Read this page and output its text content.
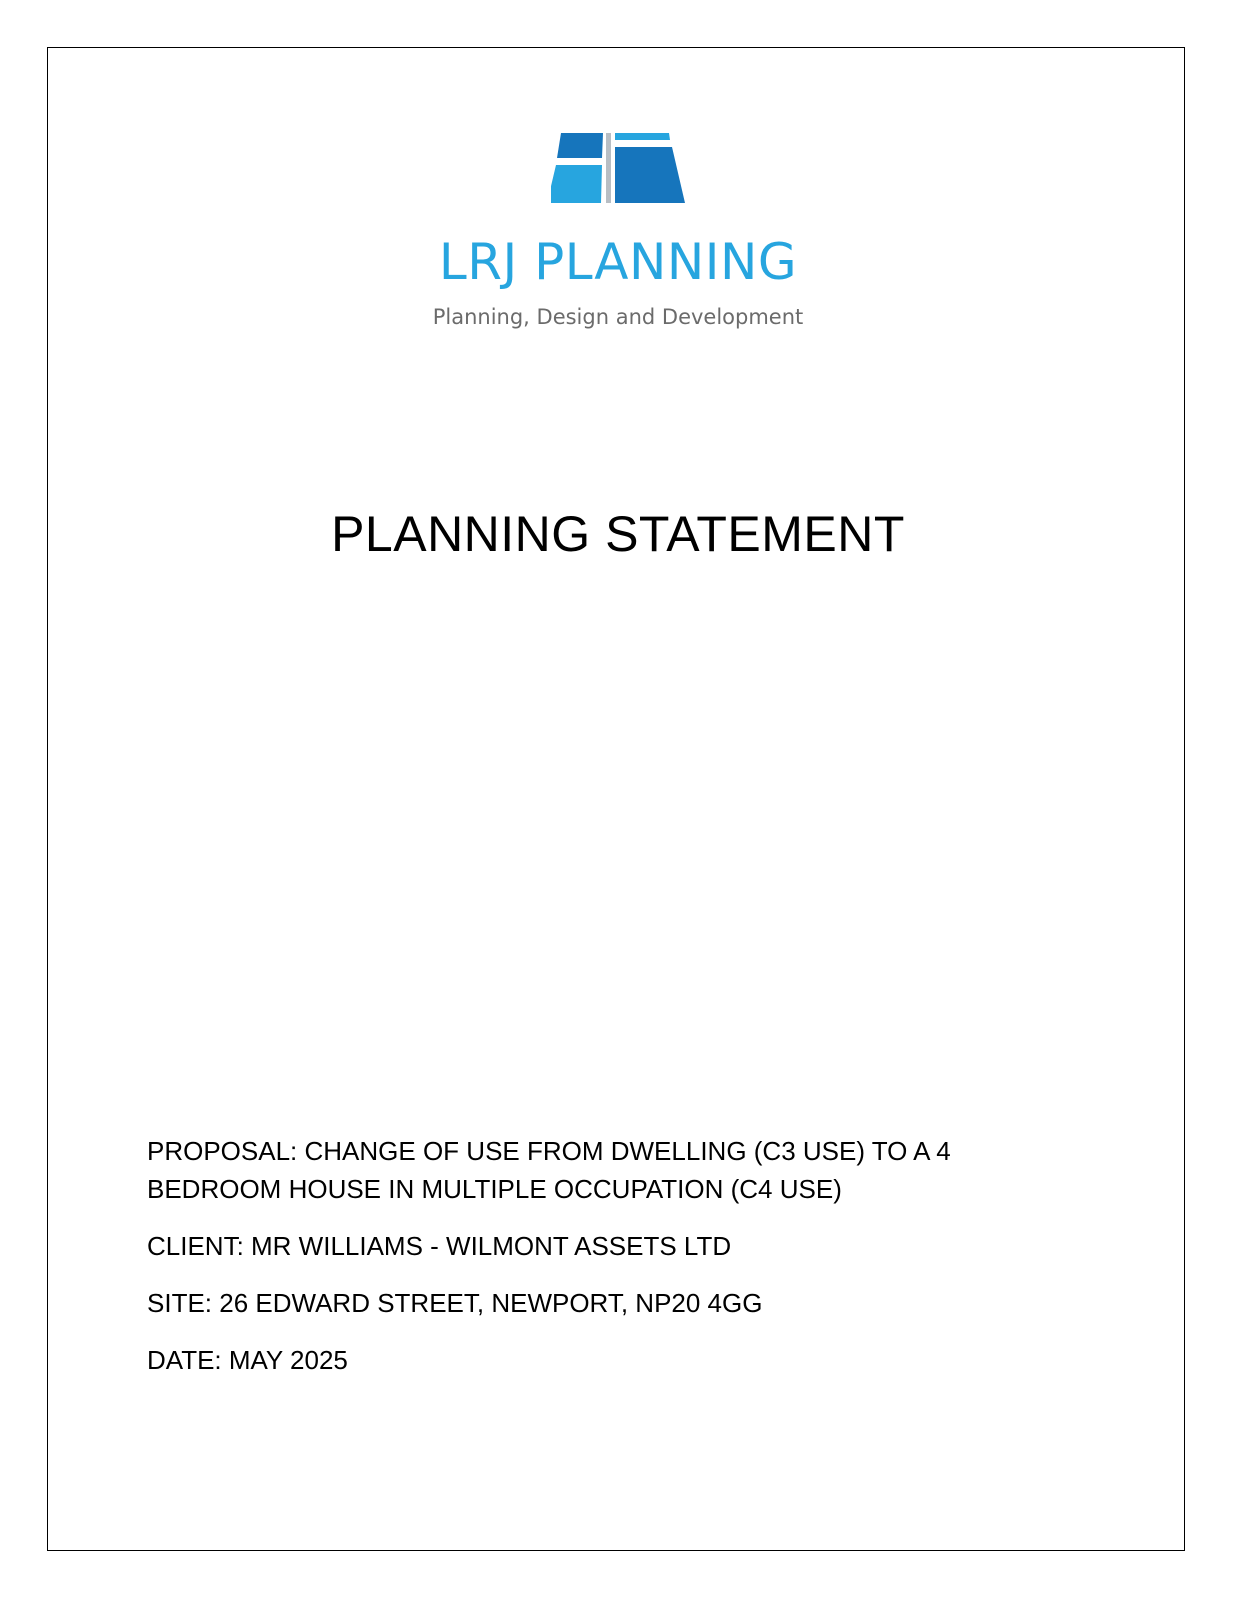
LRJ PLANNING
Planning, Design and Development
PLANNING STATEMENT

PROPOSAL: CHANGE OF USE FROM DWELLING (C3 USE) TO A 4 BEDROOM HOUSE IN MULTIPLE OCCUPATION (C4 USE)

CLIENT: MR WILLIAMS - WILMONT ASSETS LTD

SITE: 26 EDWARD STREET, NEWPORT, NP20 4GG

DATE: MAY 2025
